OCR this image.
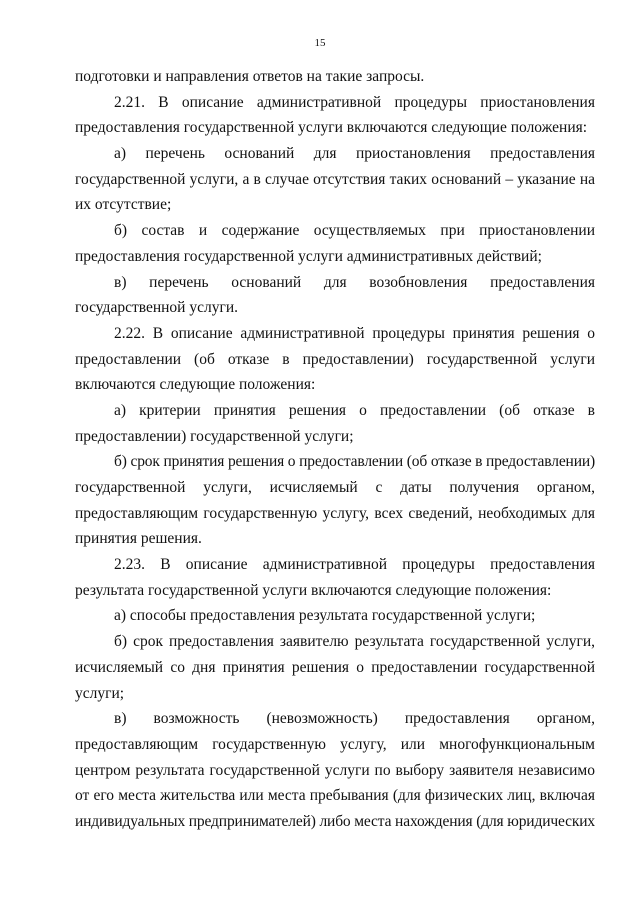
15
подготовки и направления ответов на такие запросы.
2.21. В описание административной процедуры приостановления
предоставления государственной услуги включаются следующие положения:
а) перечень оснований для приостановления предоставления
государственной услуги, а в случае отсутствия таких оснований – указание на
их отсутствие;
б) состав и содержание осуществляемых при приостановлении
предоставления государственной услуги административных действий;
в) перечень оснований для возобновления предоставления
государственной услуги.
2.22. В описание административной процедуры принятия решения о
предоставлении (об отказе в предоставлении) государственной услуги
включаются следующие положения:
а) критерии принятия решения о предоставлении (об отказе в
предоставлении) государственной услуги;
б) срок принятия решения о предоставлении (об отказе в предоставлении)
государственной услуги, исчисляемый с даты получения органом,
предоставляющим государственную услугу, всех сведений, необходимых для
принятия решения.
2.23. В описание административной процедуры предоставления
результата государственной услуги включаются следующие положения:
а) способы предоставления результата государственной услуги;
б) срок предоставления заявителю результата государственной услуги,
исчисляемый со дня принятия решения о предоставлении государственной
услуги;
в) возможность (невозможность) предоставления органом,
предоставляющим государственную услугу, или многофункциональным
центром результата государственной услуги по выбору заявителя независимо
от его места жительства или места пребывания (для физических лиц, включая
индивидуальных предпринимателей) либо места нахождения (для юридических
